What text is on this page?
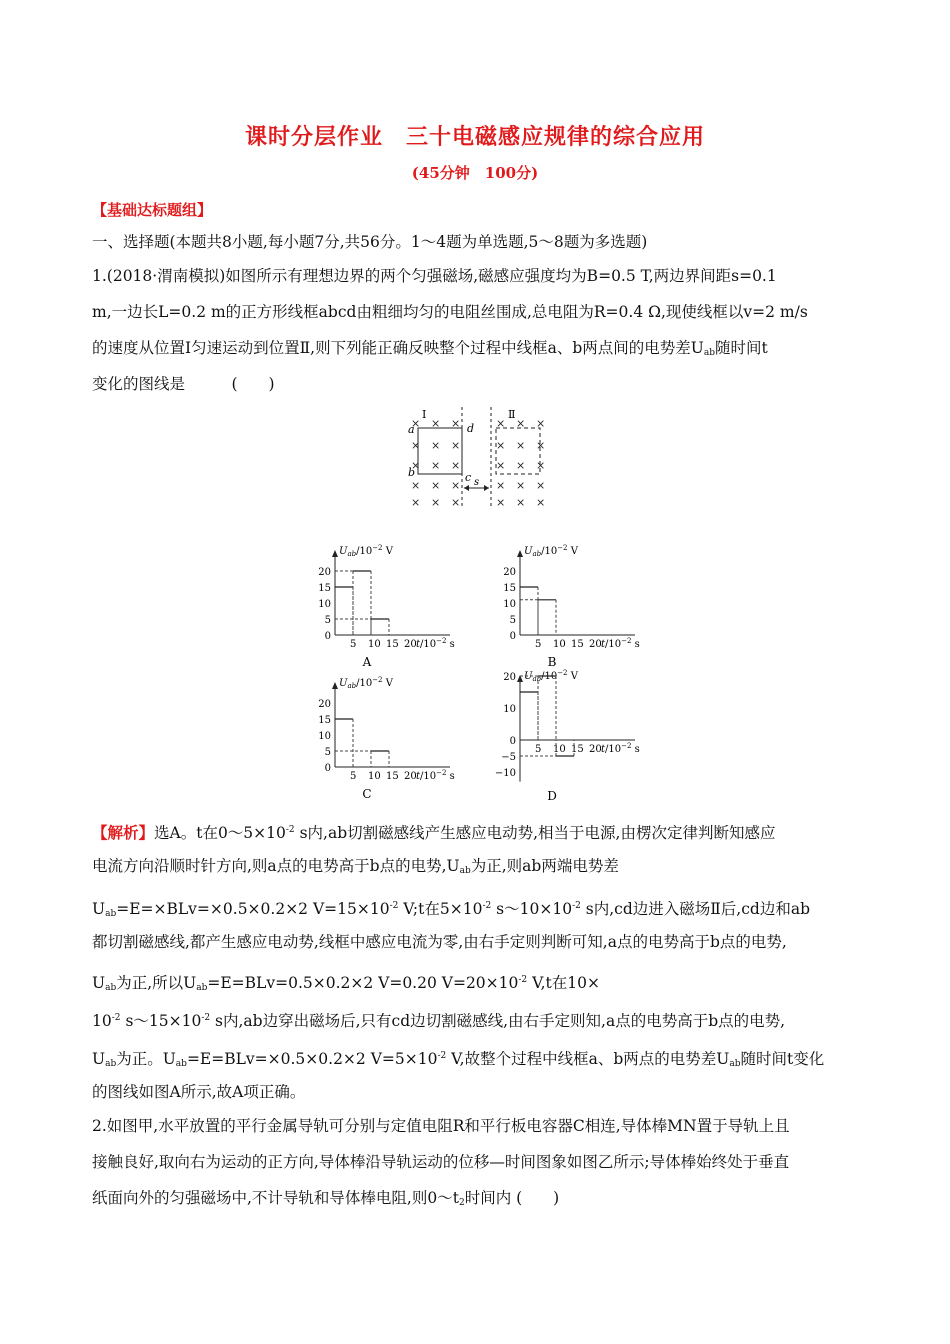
课时分层作业　三十电磁感应规律的综合应用
(45分钟　100分)
【基础达标题组】
一、选择题(本题共8小题,每小题7分,共56分。1～4题为单选题,5～8题为多选题)
1.(2018·渭南模拟)如图所示有理想边界的两个匀强磁场,磁感应强度均为B=0.5 T,两边界间距s=0.1
m,一边长L=0.2 m的正方形线框abcd由粗细均匀的电阻丝围成,总电阻为R=0.4 Ω,现使线框以v=2 m/s
的速度从位置Ⅰ匀速运动到位置Ⅱ,则下列能正确反映整个过程中线框a、b两点间的电势差$U_{ab}$随时间t
变化的图线是　　　(　　)
× × ×	× × ×
× × ×	× × ×
× × ×	× × ×
× × ×	× × ×
× × ×	× × ×
Ⅰ	Ⅱ
a
b	c
d
s
$U_{ab}/10^{-2}$ V
20
15
10
5
0
5 10 15 20 $t/10^{-2}$ s
A
$U_{ab}/10^{-2}$ V
20
15
10
5
0
5 10 15 20 $t/10^{-2}$ s
B
$U_{ab}/10^{-2}$ V
20
15
10
5
0
5 10 15 20 $t/10^{-2}$ s
C
$U_{ab}/10^{-2}$ V
20
10
0
−5
−10
5 10 15 20 $t/10^{-2}$ s
D
【解析】选A。t在$0\sim 5\times 10^{-2}$ s内,ab切割磁感线产生感应电动势,相当于电源,由楞次定律判断知感应
电流方向沿顺时针方向,则a点的电势高于b点的电势$,U_{ab}$为正,则ab两端电势差
$U_{ab}=E=\times BLv=\times 0.5\times 0.2\times 2$ $V=15\times 10^{-2}$ V;t在$5\times 10^{-2}$ $s\sim 10\times 10^{-2}$ s内,cd边进入磁场Ⅱ后,cd边和ab
都切割磁感线,都产生感应电动势,线框中感应电流为零,由右手定则判断可知,a点的电势高于b点的电势,
$U_{ab}$为正,所以$U_{ab}=E=BLv=0.5\times 0.2\times 2$ V=0.20 $V=20\times 10^{-2}$ V,t在10×
$10^{-2}$ $s\sim 15\times 10^{-2}$ s内,ab边穿出磁场后,只有cd边切割磁感线,由右手定则知,a点的电势高于b点的电势,
$U_{ab}$为正。$U_{ab}=E=BLv=\times 0.5\times 0.2\times 2$ $V=5\times 10^{-2}$ V,故整个过程中线框a、b两点的电势差$U_{ab}$随时间t变化
的图线如图A所示,故A项正确。
2.如图甲,水平放置的平行金属导轨可分别与定值电阻R和平行板电容器C相连,导体棒MN置于导轨上且
接触良好,取向右为运动的正方向,导体棒沿导轨运动的位移—时间图象如图乙所示;导体棒始终处于垂直
纸面向外的匀强磁场中,不计导轨和导体棒电阻,则$0\sim t_2$时间内 (　　)
